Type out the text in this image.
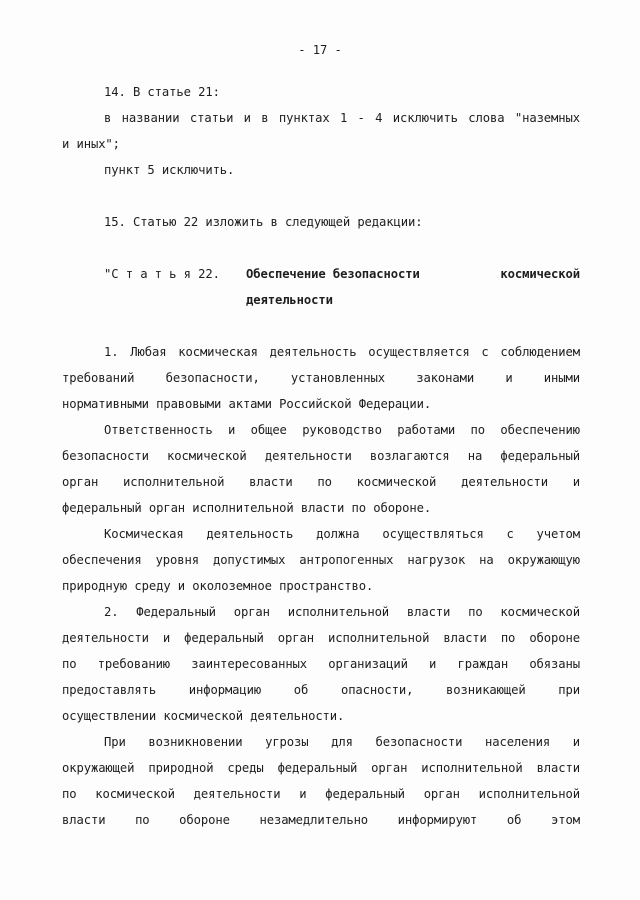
- 17 -
14. В статье 21:
в названии статьи и в пунктах 1 - 4 исключить слова "наземных
и иных";
пункт 5 исключить.
15. Статью 22 изложить в следующей редакции:
"С т а т ь я 22. Обеспечение безопасности	космической
деятельности
1. Любая космическая деятельность осуществляется с соблюдением
требований безопасности, установленных законами и иными
нормативными правовыми актами Российской Федерации.
Ответственность и общее руководство работами по обеспечению
безопасности космической деятельности возлагаются на федеральный
орган исполнительной власти по космической деятельности и
федеральный орган исполнительной власти по обороне.
Космическая деятельность должна осуществляться с учетом
обеспечения уровня допустимых антропогенных нагрузок на окружающую
природную среду и околоземное пространство.
2. Федеральный орган исполнительной власти по космической
деятельности и федеральный орган исполнительной власти по обороне
по требованию заинтересованных организаций и граждан обязаны
предоставлять информацию об опасности, возникающей при
осуществлении космической деятельности.
При возникновении угрозы для безопасности населения и
окружающей природной среды федеральный орган исполнительной власти
по космической деятельности и федеральный орган исполнительной
власти по обороне незамедлительно информируют об этом
